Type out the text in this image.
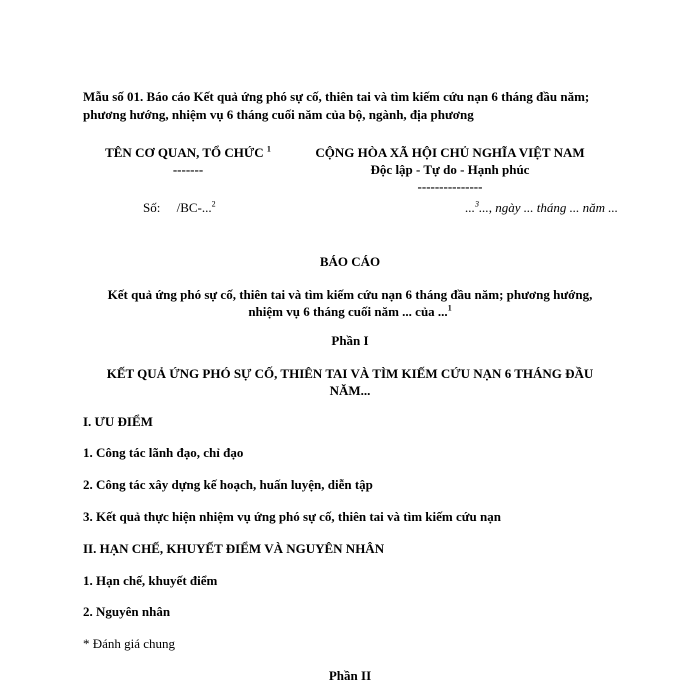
Mẫu số 01. Báo cáo Kết quả ứng phó sự cố, thiên tai và tìm kiếm cứu nạn 6 tháng đầu năm;
phương hướng, nhiệm vụ 6 tháng cuối năm của bộ, ngành, địa phương
TÊN CƠ QUAN, TỔ CHỨC $^1$
-------
CỘNG HÒA XÃ HỘI CHỦ NGHĨA VIỆT NAM
Độc lập - Tự do - Hạnh phúc
---------------
Số: /BC-...$^2$	...$^3$..., ngày ... tháng ... năm ...
BÁO CÁO
Kết quả ứng phó sự cố, thiên tai và tìm kiếm cứu nạn 6 tháng đầu năm; phương hướng,
nhiệm vụ 6 tháng cuối năm ... của ...$^1$
Phần I
KẾT QUẢ ỨNG PHÓ SỰ CỐ, THIÊN TAI VÀ TÌM KIẾM CỨU NẠN 6 THÁNG ĐẦU
NĂM...
I. ƯU ĐIỂM
1. Công tác lãnh đạo, chỉ đạo
2. Công tác xây dựng kế hoạch, huấn luyện, diễn tập
3. Kết quả thực hiện nhiệm vụ ứng phó sự cố, thiên tai và tìm kiếm cứu nạn
II. HẠN CHẾ, KHUYẾT ĐIỂM VÀ NGUYÊN NHÂN
1. Hạn chế, khuyết điểm
2. Nguyên nhân
* Đánh giá chung
Phần II
